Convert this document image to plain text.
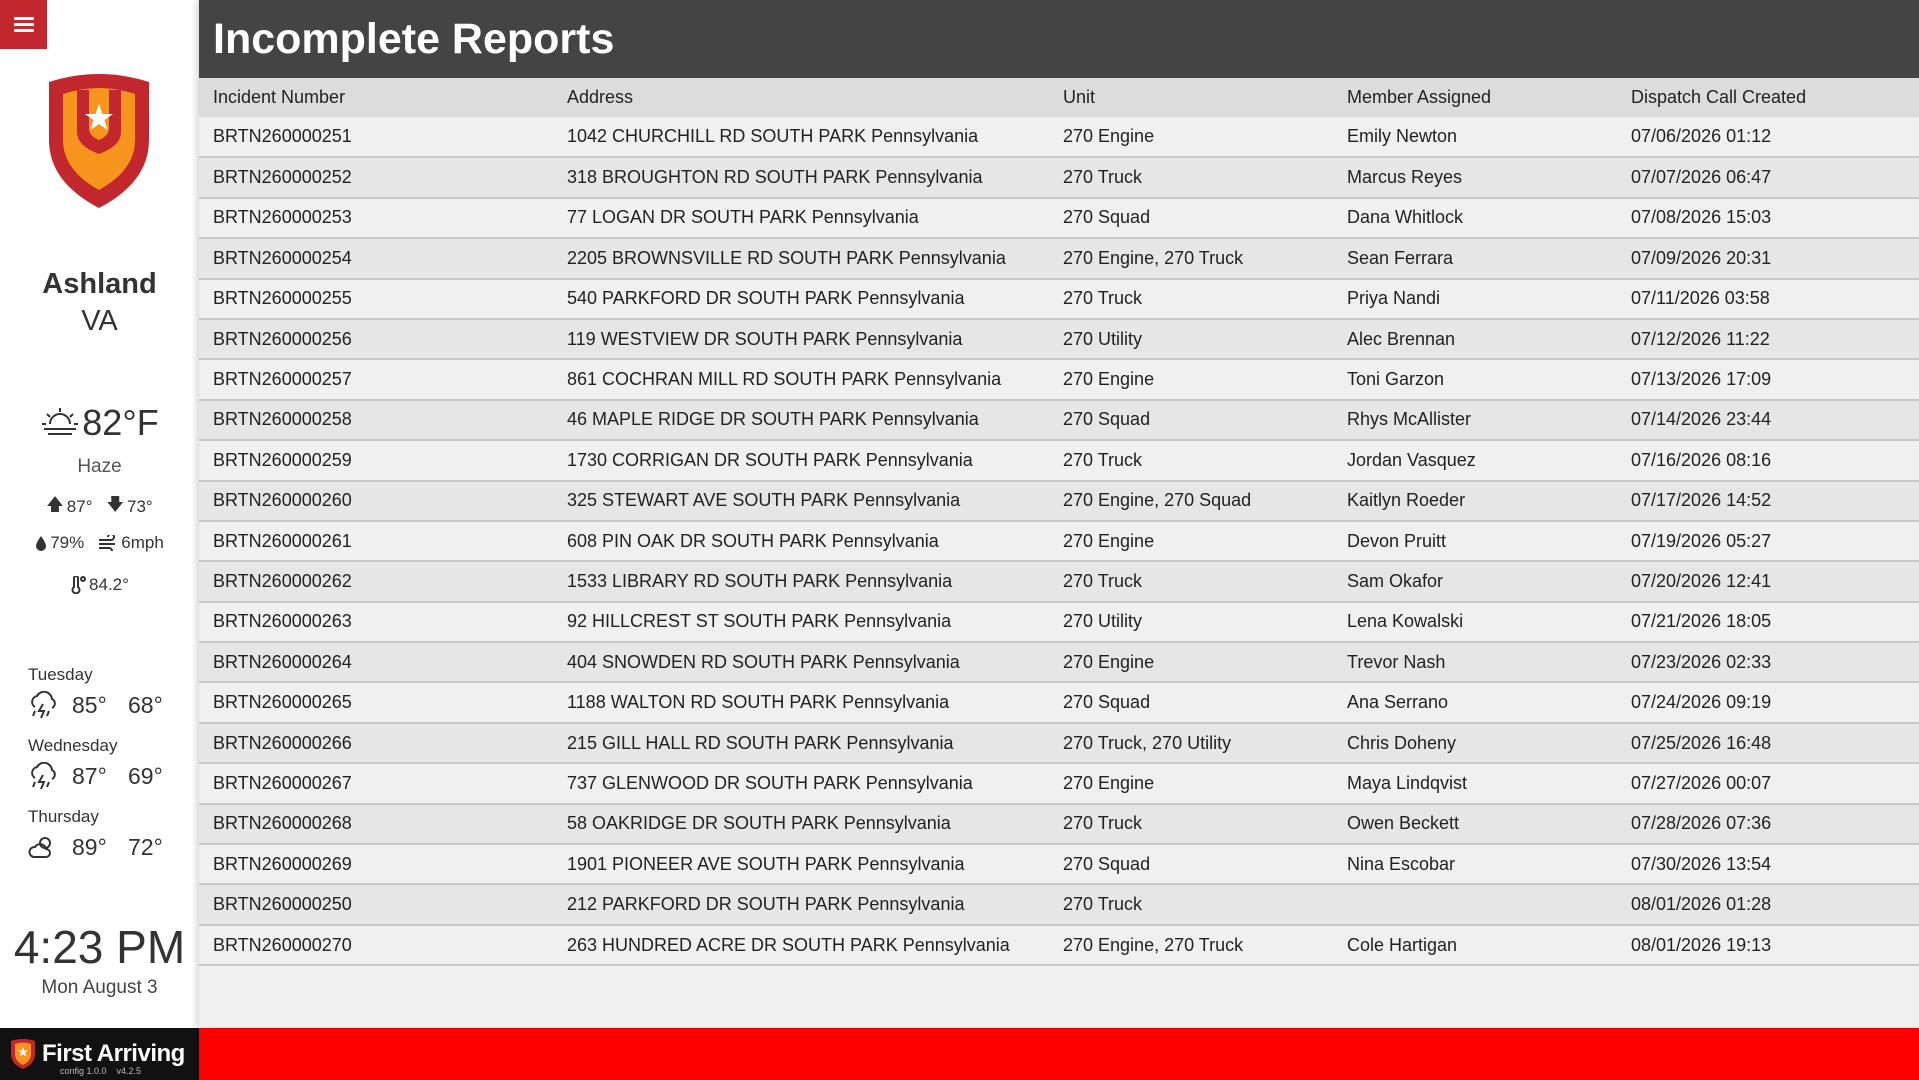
Ashland
VA
82°F
Haze
🡅 87° 🡇 73°
79% 6mph
84.2°
Tuesday
85° 68°
Wednesday
87° 69°
Thursday
89° 72°
4:23 PM
Mon August 3
First Arriving
config 1.0.0 v4.2.5
Incomplete Reports
Incident Number	Address	Unit	Member Assigned	Dispatch Call Created
BRTN260000251	1042 CHURCHILL RD SOUTH PARK Pennsylvania	270 Engine	Emily Newton	07/06/2026 01:12
BRTN260000252	318 BROUGHTON RD SOUTH PARK Pennsylvania	270 Truck	Marcus Reyes	07/07/2026 06:47
BRTN260000253	77 LOGAN DR SOUTH PARK Pennsylvania	270 Squad	Dana Whitlock	07/08/2026 15:03
BRTN260000254	2205 BROWNSVILLE RD SOUTH PARK Pennsylvania	270 Engine, 270 Truck	Sean Ferrara	07/09/2026 20:31
BRTN260000255	540 PARKFORD DR SOUTH PARK Pennsylvania	270 Truck	Priya Nandi	07/11/2026 03:58
BRTN260000256	119 WESTVIEW DR SOUTH PARK Pennsylvania	270 Utility	Alec Brennan	07/12/2026 11:22
BRTN260000257	861 COCHRAN MILL RD SOUTH PARK Pennsylvania	270 Engine	Toni Garzon	07/13/2026 17:09
BRTN260000258	46 MAPLE RIDGE DR SOUTH PARK Pennsylvania	270 Squad	Rhys McAllister	07/14/2026 23:44
BRTN260000259	1730 CORRIGAN DR SOUTH PARK Pennsylvania	270 Truck	Jordan Vasquez	07/16/2026 08:16
BRTN260000260	325 STEWART AVE SOUTH PARK Pennsylvania	270 Engine, 270 Squad	Kaitlyn Roeder	07/17/2026 14:52
BRTN260000261	608 PIN OAK DR SOUTH PARK Pennsylvania	270 Engine	Devon Pruitt	07/19/2026 05:27
BRTN260000262	1533 LIBRARY RD SOUTH PARK Pennsylvania	270 Truck	Sam Okafor	07/20/2026 12:41
BRTN260000263	92 HILLCREST ST SOUTH PARK Pennsylvania	270 Utility	Lena Kowalski	07/21/2026 18:05
BRTN260000264	404 SNOWDEN RD SOUTH PARK Pennsylvania	270 Engine	Trevor Nash	07/23/2026 02:33
BRTN260000265	1188 WALTON RD SOUTH PARK Pennsylvania	270 Squad	Ana Serrano	07/24/2026 09:19
BRTN260000266	215 GILL HALL RD SOUTH PARK Pennsylvania	270 Truck, 270 Utility	Chris Doheny	07/25/2026 16:48
BRTN260000267	737 GLENWOOD DR SOUTH PARK Pennsylvania	270 Engine	Maya Lindqvist	07/27/2026 00:07
BRTN260000268	58 OAKRIDGE DR SOUTH PARK Pennsylvania	270 Truck	Owen Beckett	07/28/2026 07:36
BRTN260000269	1901 PIONEER AVE SOUTH PARK Pennsylvania	270 Squad	Nina Escobar	07/30/2026 13:54
BRTN260000250	212 PARKFORD DR SOUTH PARK Pennsylvania	270 Truck		08/01/2026 01:28
BRTN260000270	263 HUNDRED ACRE DR SOUTH PARK Pennsylvania	270 Engine, 270 Truck	Cole Hartigan	08/01/2026 19:13
